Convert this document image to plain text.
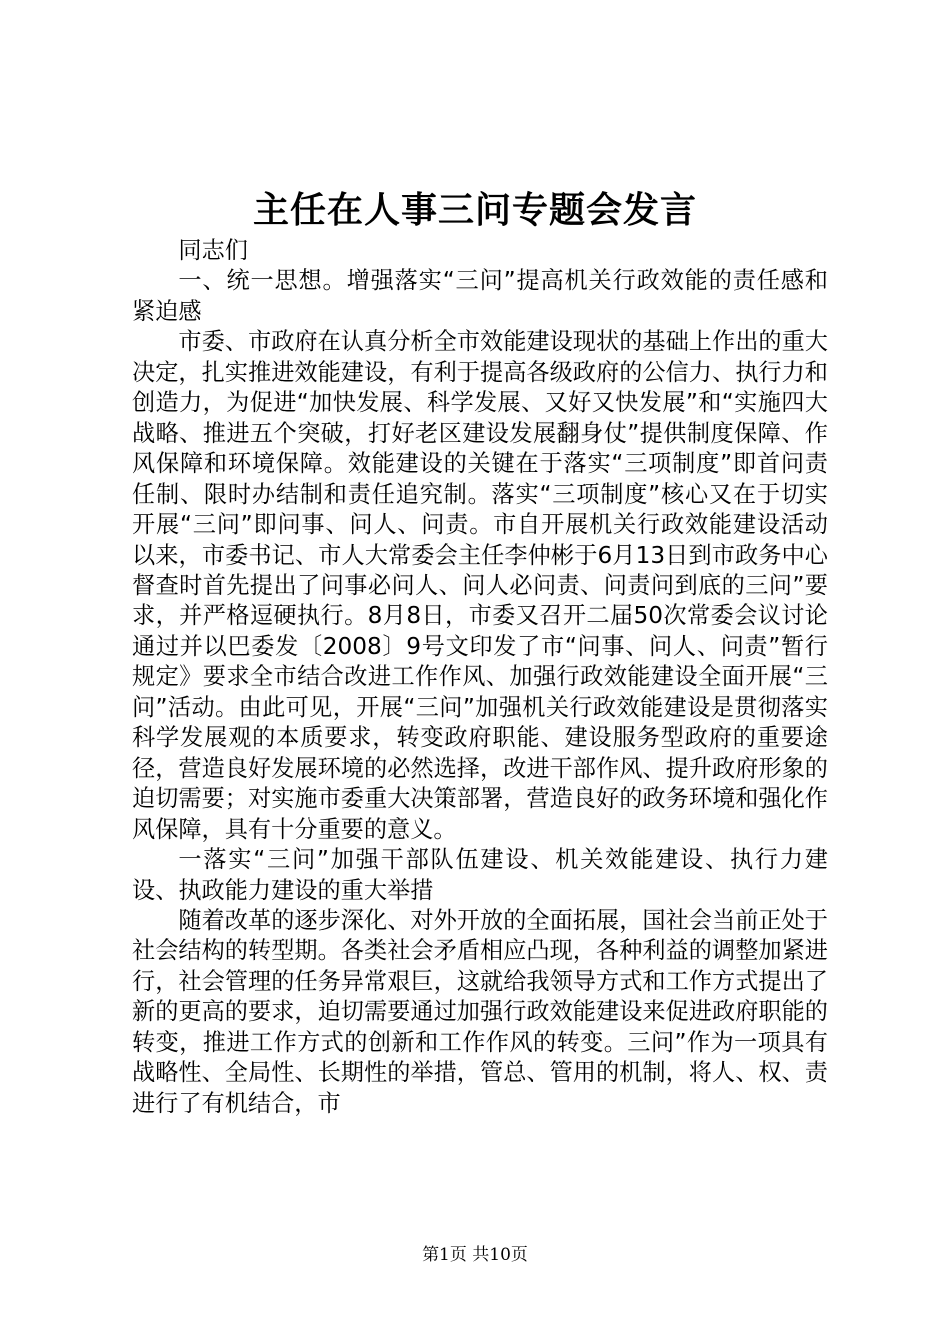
主任在人事三问专题会发言

同志们

一、统一思想。增强落实“三问”提高机关行政效能的责任感和紧迫感

市委、市政府在认真分析全市效能建设现状的基础上作出的重大决定，扎实推进效能建设，有利于提高各级政府的公信力、执行力和创造力，为促进“加快发展、科学发展、又好又快发展”和“实施四大战略、推进五个突破，打好老区建设发展翻身仗”提供制度保障、作风保障和环境保障。效能建设的关键在于落实“三项制度”即首问责任制、限时办结制和责任追究制。落实“三项制度”核心又在于切实开展“三问”即问事、问人、问责。市自开展机关行政效能建设活动以来，市委书记、市人大常委会主任李仲彬于6月13日到市政务中心督查时首先提出了问事必问人、问人必问责、问责问到底的三问”要求，并严格逗硬执行。8月8日，市委又召开二届50次常委会议讨论通过并以巴委发〔2008〕9号文印发了市“问事、问人、问责”暂行规定》要求全市结合改进工作作风、加强行政效能建设全面开展“三问”活动。由此可见，开展“三问”加强机关行政效能建设是贯彻落实科学发展观的本质要求，转变政府职能、建设服务型政府的重要途径，营造良好发展环境的必然选择，改进干部作风、提升政府形象的迫切需要；对实施市委重大决策部署，营造良好的政务环境和强化作风保障，具有十分重要的意义。

一落实“三问”加强干部队伍建设、机关效能建设、执行力建设、执政能力建设的重大举措

随着改革的逐步深化、对外开放的全面拓展，国社会当前正处于社会结构的转型期。各类社会矛盾相应凸现，各种利益的调整加紧进行，社会管理的任务异常艰巨，这就给我领导方式和工作方式提出了新的更高的要求，迫切需要通过加强行政效能建设来促进政府职能的转变，推进工作方式的创新和工作作风的转变。三问”作为一项具有战略性、全局性、长期性的举措，管总、管用的机制，将人、权、责进行了有机结合，市

第1页 共10页
